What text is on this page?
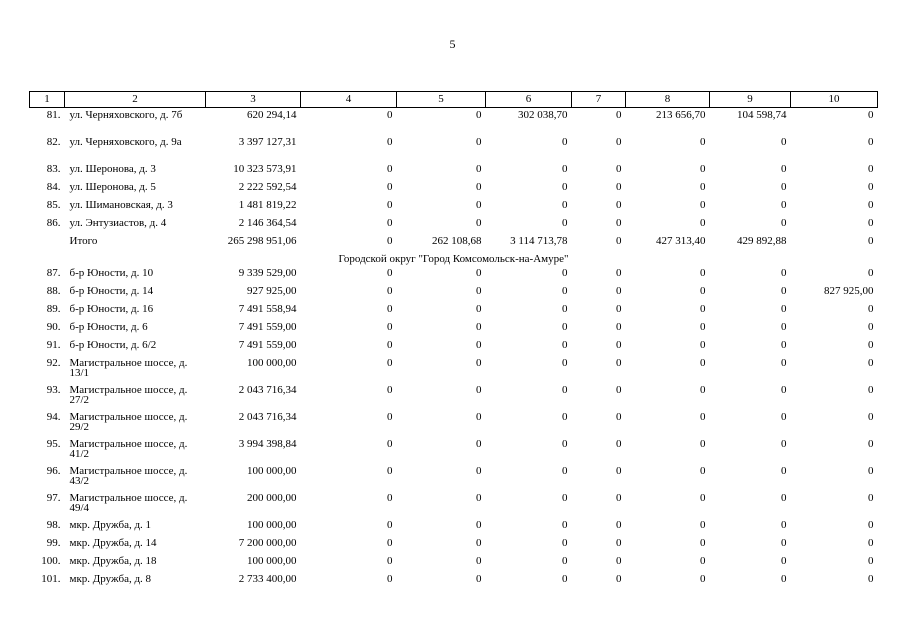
5
1	2	3	4	5	6	7	8	9	10
81.	ул. Черняховского, д. 7б	620 294,14	0	0	302 038,70	0	213 656,70	104 598,74	0
82.	ул. Черняховского, д. 9а	3 397 127,31	0	0	0	0	0	0	0
83.	ул. Шеронова, д. 3	10 323 573,91	0	0	0	0	0	0	0
84.	ул. Шеронова, д. 5	2 222 592,54	0	0	0	0	0	0	0
85.	ул. Шимановская, д. 3	1 481 819,22	0	0	0	0	0	0	0
86.	ул. Энтузиастов, д. 4	2 146 364,54	0	0	0	0	0	0	0
	Итого	265 298 951,06	0	262 108,68	3 114 713,78	0	427 313,40	429 892,88	0
Городской округ "Город Комсомольск-на-Амуре"									
87.	б-р Юности, д. 10	9 339 529,00	0	0	0	0	0	0	0
88.	б-р Юности, д. 14	927 925,00	0	0	0	0	0	0	827 925,00
89.	б-р Юности, д. 16	7 491 558,94	0	0	0	0	0	0	0
90.	б-р Юности, д. 6	7 491 559,00	0	0	0	0	0	0	0
91.	б-р Юности, д. 6/2	7 491 559,00	0	0	0	0	0	0	0
92.	Магистральное шоссе, д. 13/1	100 000,00	0	0	0	0	0	0	0
93.	Магистральное шоссе, д. 27/2	2 043 716,34	0	0	0	0	0	0	0
94.	Магистральное шоссе, д. 29/2	2 043 716,34	0	0	0	0	0	0	0
95.	Магистральное шоссе, д. 41/2	3 994 398,84	0	0	0	0	0	0	0
96.	Магистральное шоссе, д. 43/2	100 000,00	0	0	0	0	0	0	0
97.	Магистральное шоссе, д. 49/4	200 000,00	0	0	0	0	0	0	0
98.	мкр. Дружба, д. 1	100 000,00	0	0	0	0	0	0	0
99.	мкр. Дружба, д. 14	7 200 000,00	0	0	0	0	0	0	0
100.	мкр. Дружба, д. 18	100 000,00	0	0	0	0	0	0	0
101.	мкр. Дружба, д. 8	2 733 400,00	0	0	0	0	0	0	0
